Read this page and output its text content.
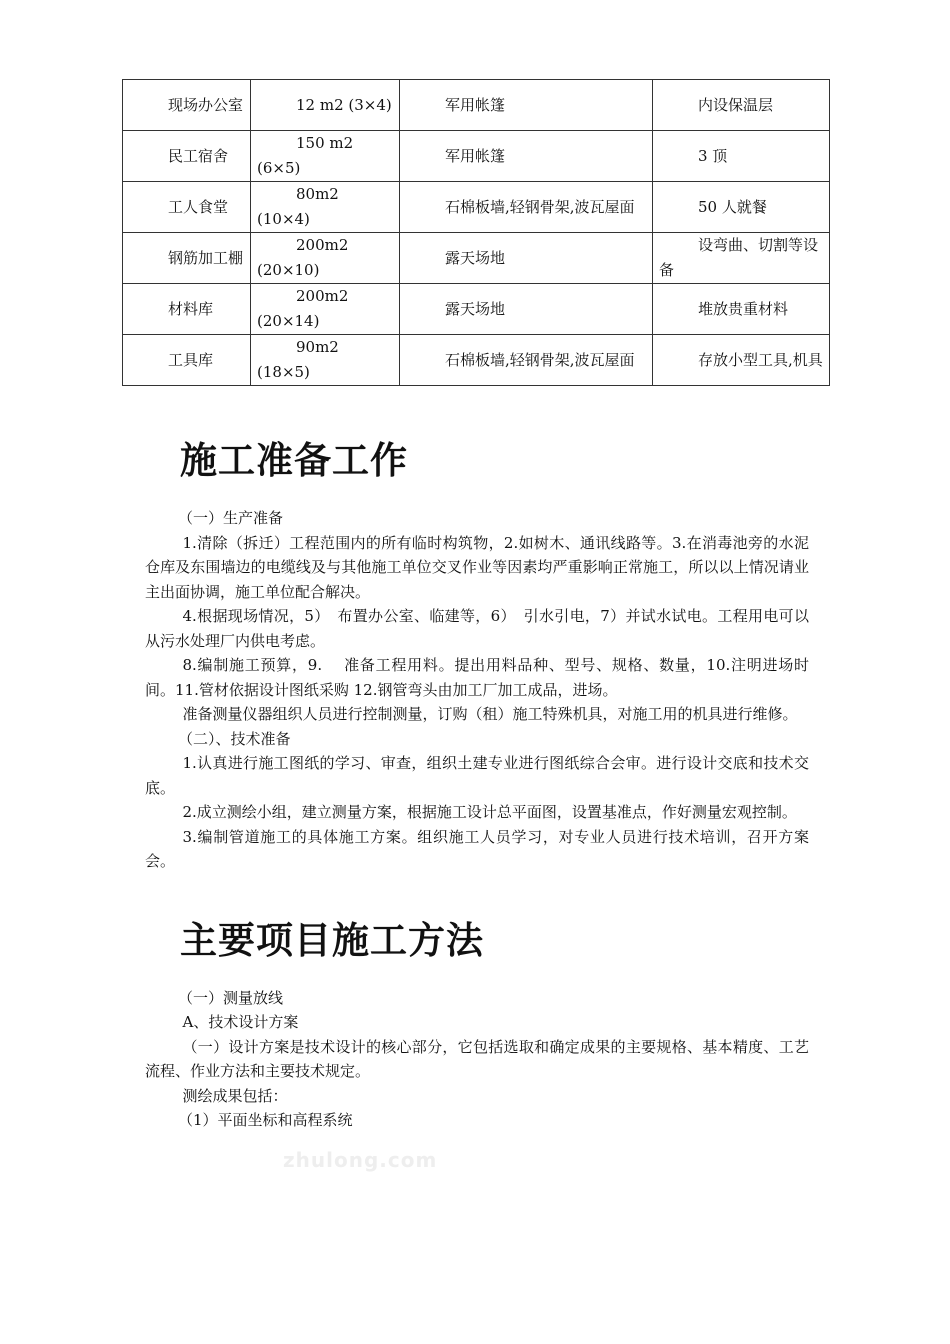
现场办公室	12 m2 (3×4)	军用帐篷	内设保温层
民工宿舍	150 m2 (6×5)	军用帐篷	3 顶
工人食堂	80m2 (10×4)	石棉板墙,轻钢骨架,波瓦屋面	50 人就餐
钢筋加工棚	200m2 (20×10)	露天场地	设弯曲、切割等设备
材料库	200m2 (20×14)	露天场地	堆放贵重材料
工具库	90m2 (18×5)	石棉板墙,轻钢骨架,波瓦屋面	存放小型工具,机具
施工准备工作

（一）生产准备

1.清除（拆迁）工程范围内的所有临时构筑物，2.如树木、通讯线路等。3.在消毒池旁的水泥仓库及东围墙边的电缆线及与其他施工单位交叉作业等因素均严重影响正常施工，所以以上情况请业主出面协调，施工单位配合解决。

4.根据现场情况，5）　布置办公室、临建等，6）　引水引电，7）并试水试电。工程用电可以从污水处理厂内供电考虑。

8.编制施工预算，9.　 准备工程用料。提出用料品种、型号、规格、数量，10.注明进场时间。11.管材依据设计图纸采购 12.钢管弯头由加工厂加工成品，进场。

准备测量仪器组织人员进行控制测量，订购（租）施工特殊机具，对施工用的机具进行维修。

（二）、技术准备

1.认真进行施工图纸的学习、审查，组织土建专业进行图纸综合会审。进行设计交底和技术交底。

2.成立测绘小组，建立测量方案，根据施工设计总平面图，设置基准点，作好测量宏观控制。

3.编制管道施工的具体施工方案。组织施工人员学习，对专业人员进行技术培训，召开方案会。

主要项目施工方法

（一）测量放线

A、技术设计方案

（一）设计方案是技术设计的核心部分，它包括选取和确定成果的主要规格、基本精度、工艺流程、作业方法和主要技术规定。

测绘成果包括：

（1）平面坐标和高程系统

zhulong.com
